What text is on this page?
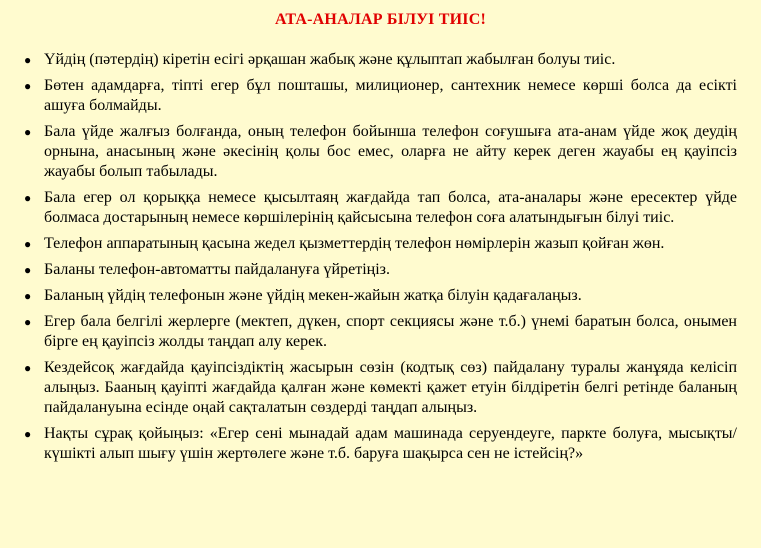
АТА-АНАЛАР БІЛУІ ТИІС!
● Үйдің (пәтердің) кіретін есігі әрқашан жабық және құлыптап жабылған болуы тиіс.
● Бөтен адамдарға, тіпті егер бұл пошташы, милиционер, сантехник немесе көрші болса да есікті ашуға болмайды.
● Бала үйде жалғыз болғанда, оның телефон бойынша телефон соғушыға ата-анам үйде жоқ деудің орнына, анасының және әкесінің қолы бос емес, оларға не айту керек деген жауабы ең қауіпсіз жауабы болып табылады.
● Бала егер ол қорыққа немесе қысылтаяң жағдайда тап болса, ата-аналары және ересектер үйде болмаса достарының немесе көршілерінің қайсысына телефон соға алатындығын білуі тиіс.
● Телефон аппаратының қасына жедел қызметтердің телефон нөмірлерін жазып қойған жөн.
● Баланы телефон-автоматты пайдалануға үйретіңіз.
● Баланың үйдің телефонын және үйдің мекен-жайын жатқа білуін қадағалаңыз.
● Егер бала белгілі жерлерге (мектеп, дүкен, спорт секциясы және т.б.) үнемі баратын болса, онымен бірге ең қауіпсіз жолды таңдап алу керек.
● Кездейсоқ жағдайда қауіпсіздіктің жасырын сөзін (кодтық сөз) пайдалану туралы жанұяда келісіп алыңыз. Бааның қауіпті жағдайда қалған және көмекті қажет етуін білдіретін белгі ретінде баланың пайдалануына есінде оңай сақталатын сөздерді таңдап алыңыз.
● Нақты сұрақ қойыңыз: «Егер сені мынадай адам машинада серуендеуге, паркте болуға, мысықты/күшікті алып шығу үшін жертөлеге және т.б. баруға шақырса сен не істейсің?»
